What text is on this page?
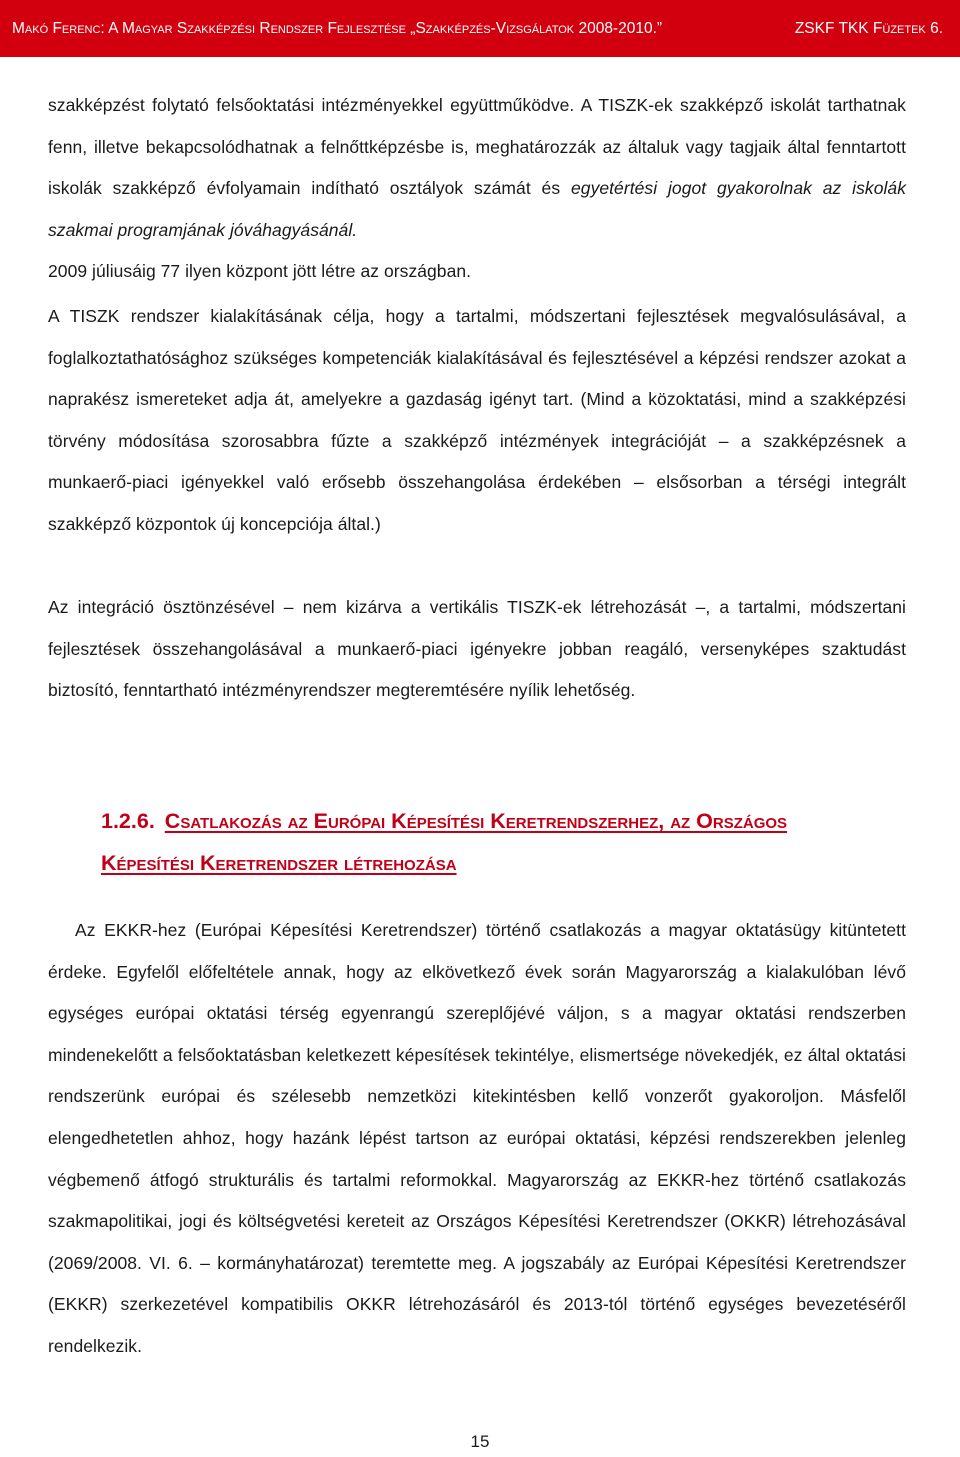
Makó Ferenc: A Magyar Szakképzési Rendszer Fejlesztése „Szakképzés-Vizsgálatok 2008-2010.”	ZSKF TKK Füzetek 6.

szakképzést folytató felsőoktatási intézményekkel együttműködve. A TISZK-ek szakképző iskolát tarthatnak fenn, illetve bekapcsolódhatnak a felnőttképzésbe is, meghatározzák az általuk vagy tagjaik által fenntartott iskolák szakképző évfolyamain indítható osztályok számát és egyetértési jogot gyakorolnak az iskolák szakmai programjának jóváhagyásánál.
2009 júliusáig 77 ilyen központ jött létre az országban.

A TISZK rendszer kialakításának célja, hogy a tartalmi, módszertani fejlesztések megvalósulásával, a foglalkoztathatósághoz szükséges kompetenciák kialakításával és fejlesztésével a képzési rendszer azokat a naprakész ismereteket adja át, amelyekre a gazdaság igényt tart. (Mind a közoktatási, mind a szakképzési törvény módosítása szorosabbra fűzte a szakképző intézmények integrációját – a szakképzésnek a munkaerő-piaci igényekkel való erősebb összehangolása érdekében – elsősorban a térségi integrált szakképző központok új koncepciója által.)

Az integráció ösztönzésével – nem kizárva a vertikális TISZK-ek létrehozását –, a tartalmi, módszertani fejlesztések összehangolásával a munkaerő-piaci igényekre jobban reagáló, versenyképes szaktudást biztosító, fenntartható intézményrendszer megteremtésére nyílik lehetőség.

1.2.6. Csatlakozás az Európai Képesítési Keretrendszerhez, az Országos Képesítési Keretrendszer létrehozása

Az EKKR-hez (Európai Képesítési Keretrendszer) történő csatlakozás a magyar oktatásügy kitüntetett érdeke. Egyfelől előfeltétele annak, hogy az elkövetkező évek során Magyarország a kialakulóban lévő egységes európai oktatási térség egyenrangú szereplőjévé váljon, s a magyar oktatási rendszerben mindenekelőtt a felsőoktatásban keletkezett képesítések tekintélye, elismertsége növekedjék, ez által oktatási rendszerünk európai és szélesebb nemzetközi kitekintésben kellő vonzerőt gyakoroljon. Másfelől elengedhetetlen ahhoz, hogy hazánk lépést tartson az európai oktatási, képzési rendszerekben jelenleg végbemenő átfogó strukturális és tartalmi reformokkal. Magyarország az EKKR-hez történő csatlakozás szakmapolitikai, jogi és költségvetési kereteit az Országos Képesítési Keretrendszer (OKKR) létrehozásával (2069/2008. VI. 6. – kormányhatározat) teremtette meg. A jogszabály az Európai Képesítési Keretrendszer (EKKR) szerkezetével kompatibilis OKKR létrehozásáról és 2013-tól történő egységes bevezetéséről rendelkezik.

15
